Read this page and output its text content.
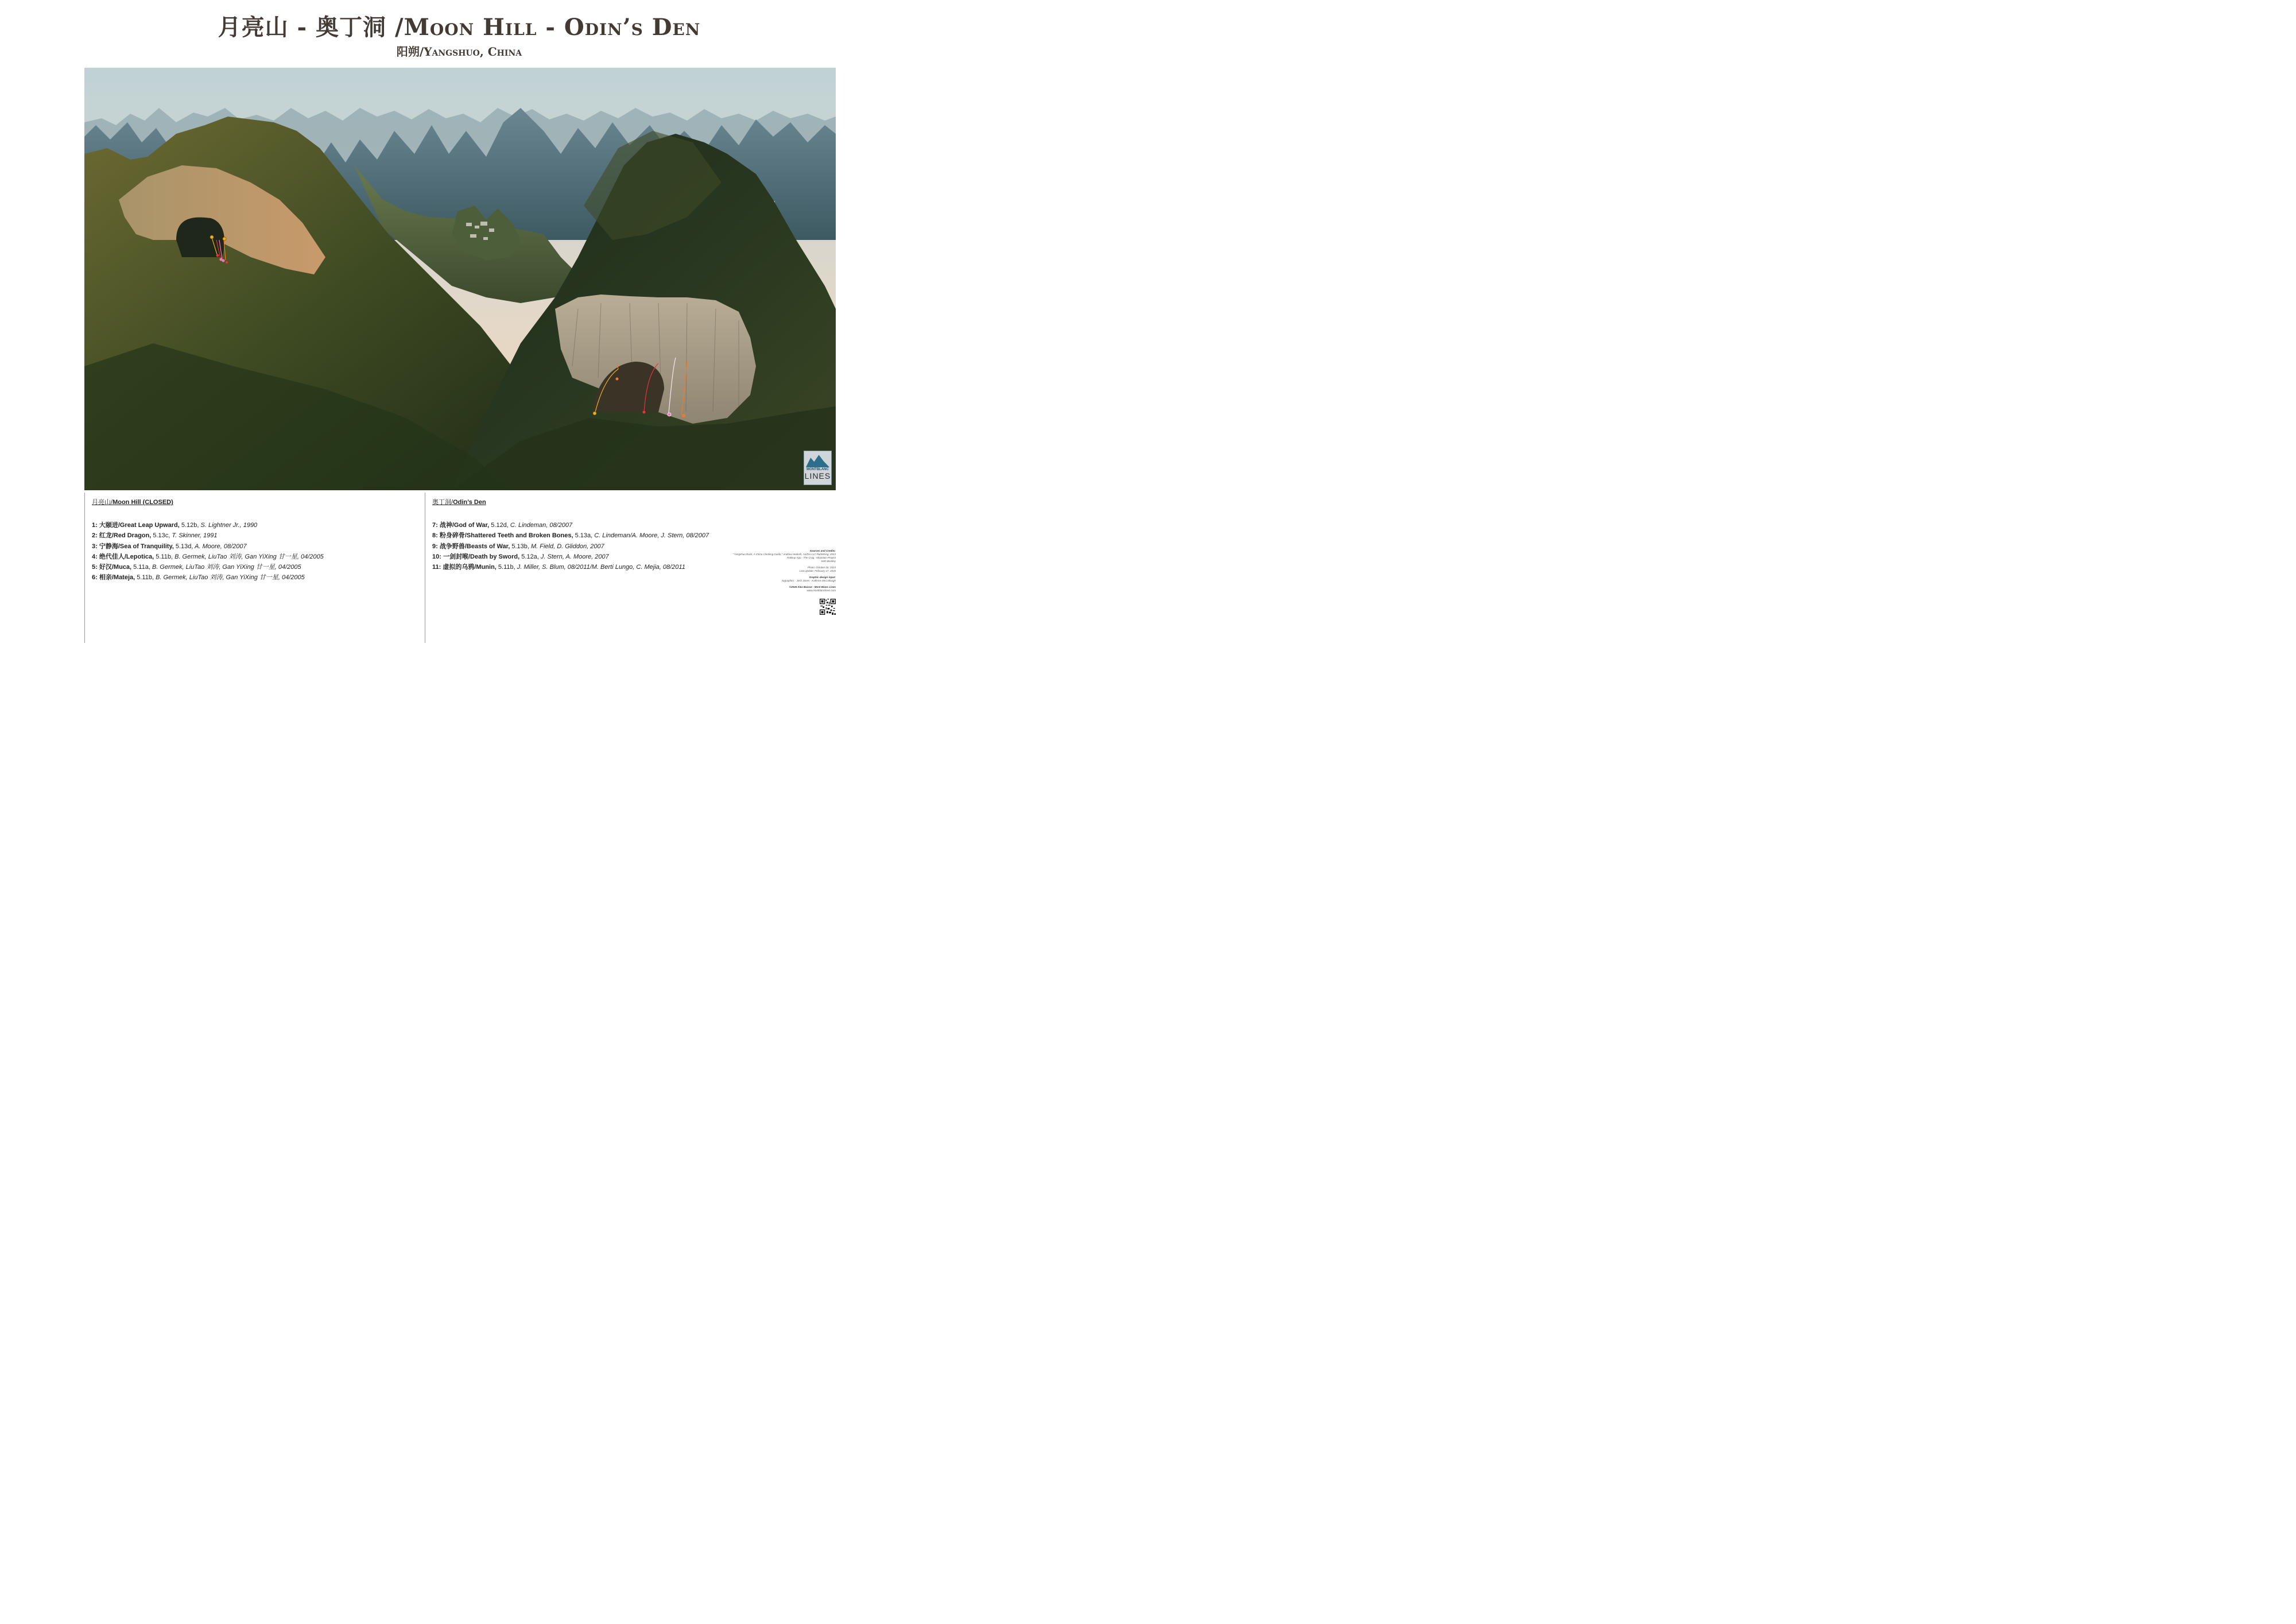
月亮山 - 奥丁洞 /Moon Hill - Odin’s Den
阳朔/Yangshuo, China
MONTBLANC
LINES
月亮山/Moon Hill (CLOSED)
1: 大颐进/Great Leap Upward, 5.12b, S. Lightner Jr., 1990
2: 红龙/Red Dragon, 5.13c, T. Skinner, 1991
3: 宁静海/Sea of Tranquility, 5.13d, A. Moore, 08/2007
4: 绝代佳人/Lepotica, 5.11b, B. Germek, LiuTao 刘涛, Gan YiXing 甘一星, 04/2005
5: 好汉/Muca, 5.11a, B. Germek, LiuTao 刘涛, Gan YiXing 甘一星, 04/2005
6: 相亲/Mateja, 5.11b, B. Germek, LiuTao 刘涛, Gan YiXing 甘一星, 04/2005
奥丁洞/Odin’s Den
7: 战神/God of War, 5.12d, C. Lindeman, 08/2007
8: 粉身碎骨/Shattered Teeth and Broken Bones, 5.13a, C. Lindeman/A. Moore, J. Stern, 08/2007
9: 战争野兽/Beasts of War, 5.13b, M. Field, D. Gliddon, 2007
10: 一剑封喉/Death by Sword, 5.12a, J. Stern, A. Moore, 2007
11: 虚拟的乌鸦/Munin, 5.11b, J. Miller, S. Blum, 08/2011/M. Berti Lungo, C. Mejia, 08/2011
Sources and Credits:
"Yangshuo Rock, A China Climbing Guide," Andrew Hedesh, AnZhu LLC Publishing, 2013
Rakkup App - The Crag - Mountain Project
Seth Bentley
Photo: October 26, 2024
Last Update: February 17, 2026
Graphic design input:
Jugraphics - Josh Jones - Kathrine McCullough
©2026 Alex Buisse - Mont Blanc Lines
www.montblanclines.com
